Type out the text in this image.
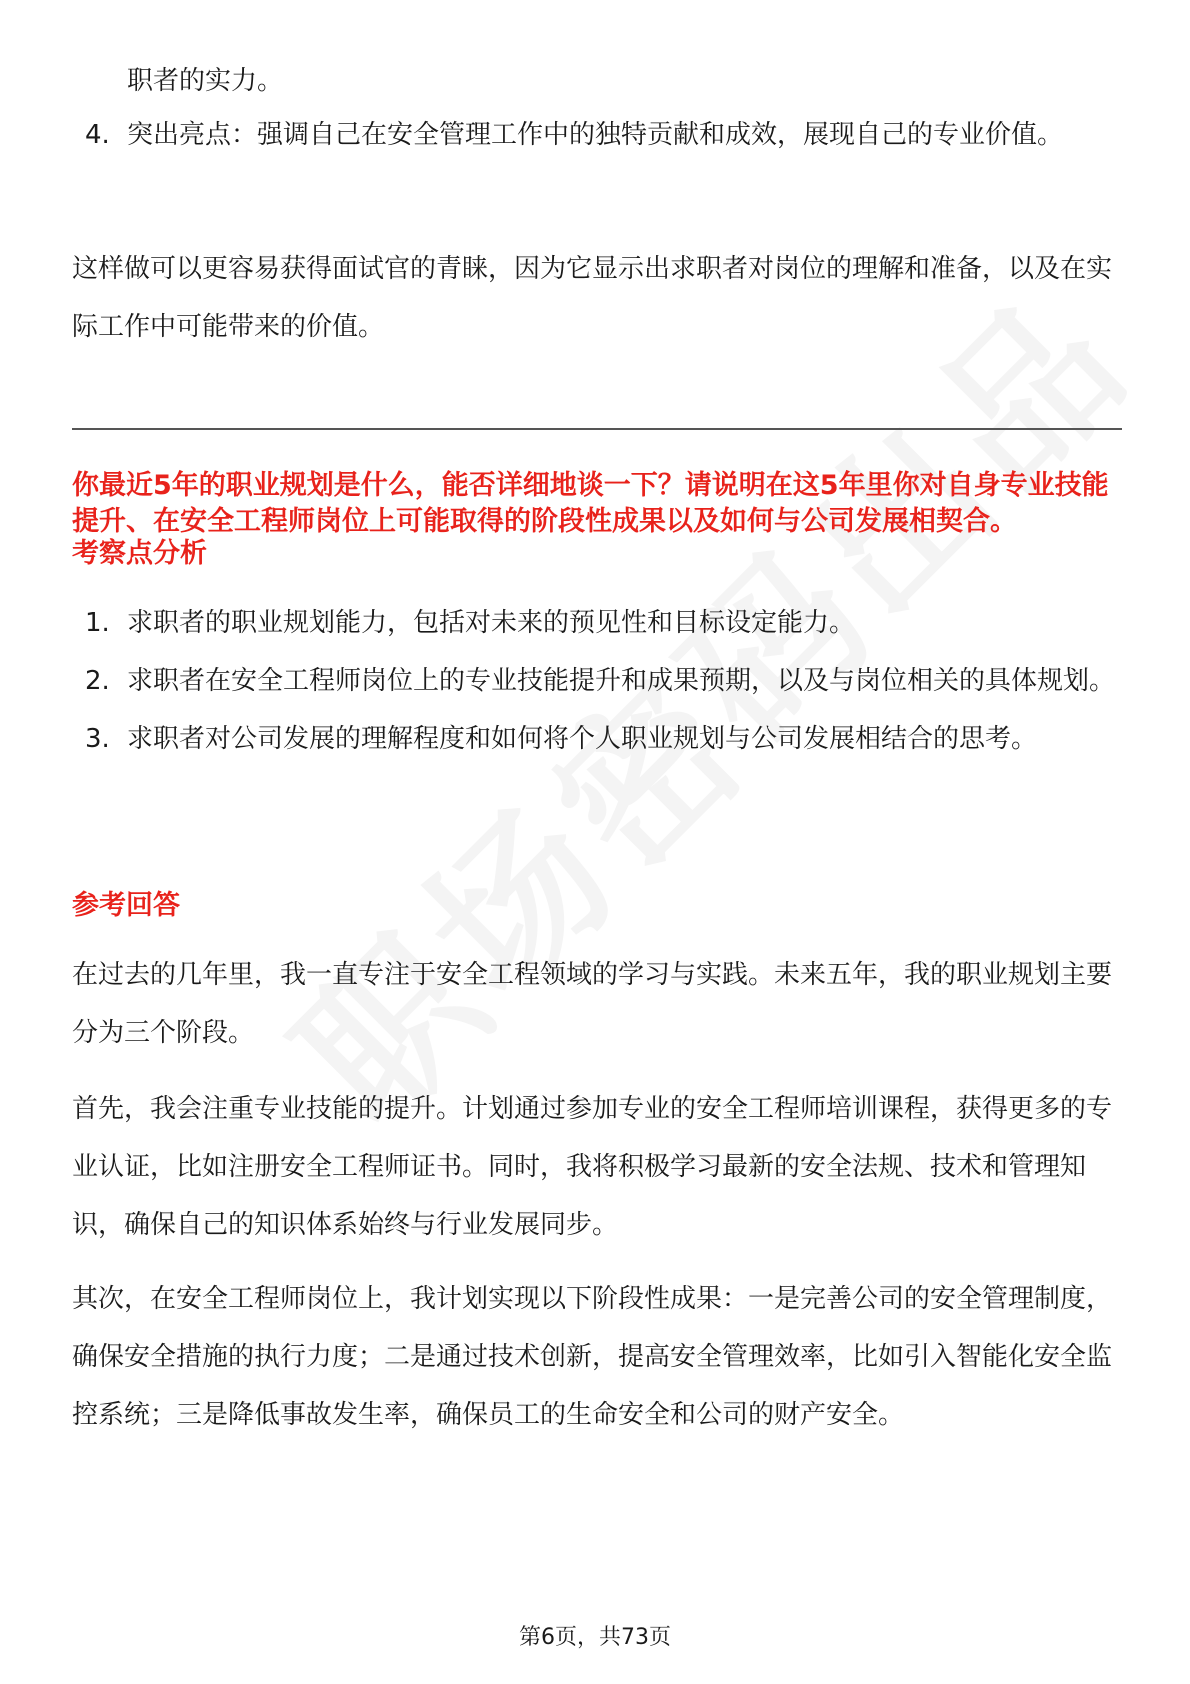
职者的实力。

4. 突出亮点：强调自己在安全管理工作中的独特贡献和成效，展现自己的专业价值。

这样做可以更容易获得面试官的青睐，因为它显示出求职者对岗位的理解和准备，以及在实际工作中可能带来的价值。

你最近5年的职业规划是什么，能否详细地谈一下？请说明在这5年里你对自身专业技能提升、在安全工程师岗位上可能取得的阶段性成果以及如何与公司发展相契合。
考察点分析
1. 求职者的职业规划能力，包括对未来的预见性和目标设定能力。
2. 求职者在安全工程师岗位上的专业技能提升和成果预期，以及与岗位相关的具体规划。
3. 求职者对公司发展的理解程度和如何将个人职业规划与公司发展相结合的思考。
参考回答

在过去的几年里，我一直专注于安全工程领域的学习与实践。未来五年，我的职业规划主要分为三个阶段。

首先，我会注重专业技能的提升。计划通过参加专业的安全工程师培训课程，获得更多的专业认证，比如注册安全工程师证书。同时，我将积极学习最新的安全法规、技术和管理知识，确保自己的知识体系始终与行业发展同步。

其次，在安全工程师岗位上，我计划实现以下阶段性成果：一是完善公司的安全管理制度，确保安全措施的执行力度；二是通过技术创新，提高安全管理效率，比如引入智能化安全监控系统；三是降低事故发生率，确保员工的生命安全和公司的财产安全。

第6页，共73页
